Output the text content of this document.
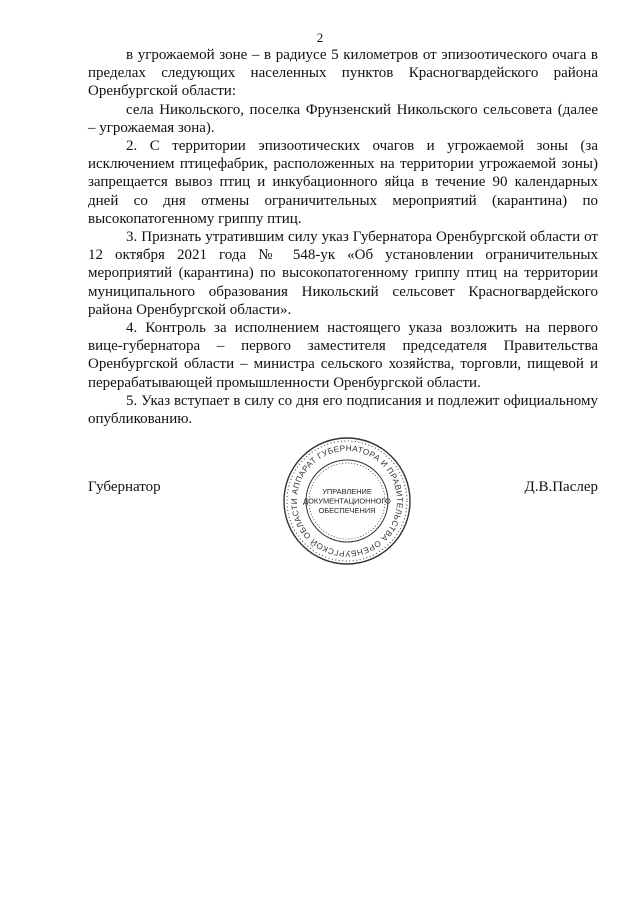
2

в угрожаемой зоне – в радиусе 5 километров от эпизоотического очага в пределах следующих населенных пунктов Красногвардейского района Оренбургской области:

села Никольского, поселка Фрунзенский Никольского сельсовета (далее – угрожаемая зона).

2. С территории эпизоотических очагов и угрожаемой зоны (за исключением птицефабрик, расположенных на территории угрожаемой зоны) запрещается вывоз птиц и инкубационного яйца в течение 90 календарных дней со дня отмены ограничительных мероприятий (карантина) по высокопатогенному гриппу птиц.

3. Признать утратившим силу указ Губернатора Оренбургской области от 12 октября 2021 года № 548-ук «Об установлении ограничительных мероприятий (карантина) по высокопатогенному гриппу птиц на территории муниципального образования Никольский сельсовет Красногвардейского района Оренбургской области».

4. Контроль за исполнением настоящего указа возложить на первого вице-губернатора – первого заместителя председателя Правительства Оренбургской области – министра сельского хозяйства, торговли, пищевой и перерабатывающей промышленности Оренбургской области.

5. Указ вступает в силу со дня его подписания и подлежит официальному опубликованию.

Губернатор	Д.В.Паслер
АППАРАТ ГУБЕРНАТОРА И ПРАВИТЕЛЬСТВА ОРЕНБУРГСКОЙ ОБЛАСТИ
УПРАВЛЕНИЕ
ДОКУМЕНТАЦИОННОГО
ОБЕСПЕЧЕНИЯ
